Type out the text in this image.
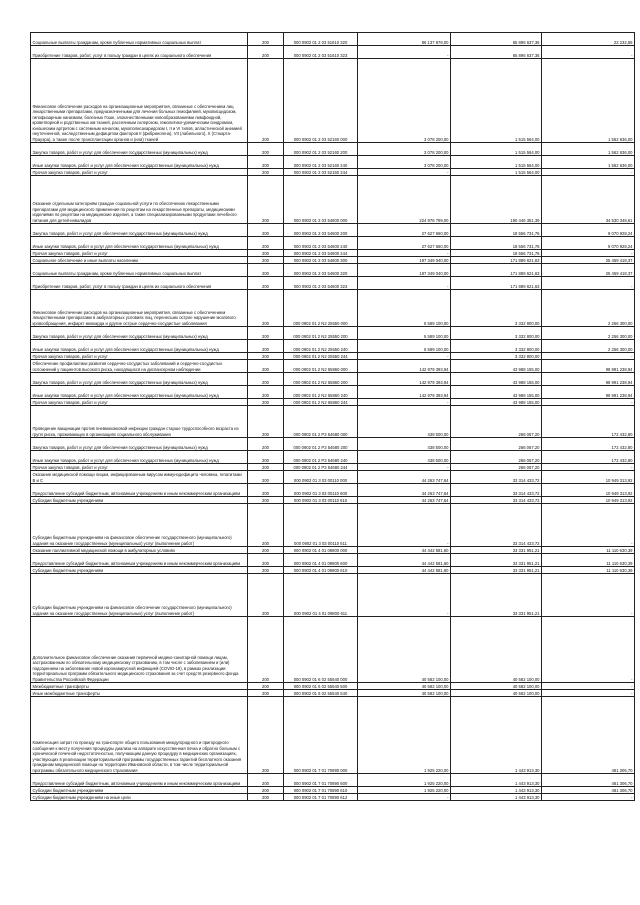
Социальные выплаты гражданам, кроме публичных нормативных социальных выплат	200	000 0902 01 2 03 51610 320	86 137 878,00	65 896 637,36	22 232,58
Приобретение товаров, работ, услуг в пользу граждан в целях их социального обеспечения	200	000 0902 01 2 03 51610 323	-	65 896 637,36	-
Финансовое обеспечение расходов на организационные мероприятия, связанные с обеспечением лиц лекарственными препаратами, предназначенными для лечения больных гемофилией, муковисцидозом, гипофизарным нанизмом, болезнью Гоше, злокачественными новообразованиями лимфоидной, кроветворной и родственных им тканей, рассеянным склерозом, гемолитико-уремическим синдромом, юношеским артритом с системным началом, мукополисахаридозом I, II и VI типов, апластической анемией неуточненной, наследственным дефицитом факторов II (фибриногена), VII (лабильного), X (Стюарта-Прауэра), а также после трансплантации органов и (или) тканей	200	000 0902 01 2 03 52160 000	3 078 200,00	1 515 564,00	1 562 636,00
Закупка товаров, работ и услуг для обеспечения государственных (муниципальных) нужд	200	000 0902 01 2 03 52160 200	3 078 200,00	1 515 564,00	1 562 636,00
Иные закупки товаров, работ и услуг для обеспечения государственных (муниципальных) нужд	200	000 0902 01 2 03 52160 240	3 078 200,00	1 515 564,00	1 562 636,00
Прочая закупка товаров, работ и услуг	200	000 0902 01 2 03 52160 244	-	1 515 564,00	-
Оказание отдельным категориям граждан социальной услуги по обеспечению лекарственными препаратами для медицинского применения по рецептам на лекарственные препараты, медицинскими изделиями по рецептам на медицинские изделия, а также специализированными продуктами лечебного питания для детей-инвалидов	200	000 0902 01 2 03 54600 000	224 976 799,00	190 446 351,39	34 530 348,61
Закупка товаров, работ и услуг для обеспечения государственных (муниципальных) нужд	200	000 0902 01 2 03 54600 200	27 627 660,00	18 556 731,76	9 070 928,24
Иные закупки товаров, работ и услуг для обеспечения государственных (муниципальных) нужд	200	000 0902 01 2 03 54600 240	27 627 660,00	18 556 731,76	9 070 928,24
Прочая закупка товаров, работ и услуг	200	000 0902 01 2 03 54600 244	-	18 556 731,76	-
Социальное обеспечение и иные выплаты населению	200	000 0902 01 2 03 54600 300	197 349 040,00	171 889 621,63	25 459 418,37
Социальные выплаты гражданам, кроме публичных нормативных социальных выплат	200	000 0902 01 2 03 54600 320	197 349 040,00	171 889 621,63	25 459 418,37
Приобретение товаров, работ, услуг в пользу граждан в целях их социального обеспечения	200	000 0902 01 2 03 54600 323	-	171 889 621,63	-
Финансовое обеспечение расходов на организационные мероприятия, связанные с обеспечением лекарственными препаратами в амбулаторных условиях лиц, перенесших острое нарушение мозгового кровообращения, инфаркт миокарда и другие острые сердечно-сосудистые заболевания	200	000 0902 01 2 N2 25550 000	5 589 100,00	3 332 800,00	2 256 300,00
Закупка товаров, работ и услуг для обеспечения государственных (муниципальных) нужд	200	000 0902 01 2 N2 25550 200	5 589 100,00	3 332 800,00	2 256 300,00
Иные закупки товаров, работ и услуг для обеспечения государственных (муниципальных) нужд	200	000 0902 01 2 N2 25550 240	5 589 100,00	3 332 800,00	2 256 300,00
Прочая закупка товаров, работ и услуг	200	000 0902 01 2 N2 25550 244	-	3 332 800,00	-
Обеспечение профилактики развития сердечно-сосудистых заболеваний и сердечно-сосудистых осложнений у пациентов высокого риска, находящихся на диспансерном наблюдении	200	000 0902 01 2 N2 55860 000	142 979 393,94	43 988 155,00	98 991 238,94
Закупка товаров, работ и услуг для обеспечения государственных (муниципальных) нужд	200	000 0902 01 2 N2 55860 200	142 979 393,94	43 988 155,00	98 991 238,94
Иные закупки товаров, работ и услуг для обеспечения государственных (муниципальных) нужд	200	000 0902 01 2 N2 55860 240	142 979 393,94	43 988 155,00	98 991 238,94
Прочая закупка товаров, работ и услуг	200	000 0902 01 2 N2 55860 244	-	43 988 155,00	-
Проведение вакцинации против пневмококковой инфекции граждан старше трудоспособного возраста из групп риска, проживающих в организациях социального обслуживания	200	000 0902 01 2 P3 54680 000	438 500,00	266 067,20	172 432,80
Закупка товаров, работ и услуг для обеспечения государственных (муниципальных) нужд	200	000 0902 01 2 P3 54680 200	438 500,00	266 067,20	172 432,80
Иные закупки товаров, работ и услуг для обеспечения государственных (муниципальных) нужд	200	000 0902 01 2 P3 54680 240	438 500,00	266 067,20	172 432,80
Прочая закупка товаров, работ и услуг	200	000 0902 01 2 P3 54680 244	-	266 067,20	-
Оказание медицинской помощи лицам, инфицированным вирусом иммунодефицита человека, гепатитами B и C	200	000 0902 01 3 03 00110 000	44 263 747,64	33 314 433,72	10 949 313,92
Предоставление субсидий бюджетным, автономным учреждениям и иным некоммерческим организациям	200	000 0902 01 3 03 00110 600	44 263 747,64	33 314 433,72	10 949 313,92
Субсидии бюджетным учреждениям	200	000 0902 01 3 03 00110 610	44 263 747,64	33 314 433,72	10 949 313,92
Субсидии бюджетным учреждениям на финансовое обеспечение государственного (муниципального) задания на оказание государственных (муниципальных) услуг (выполнение работ)	200	000 0902 01 3 03 00110 611	-	33 314 433,72	-
Оказание паллиативной медицинской помощи в амбулаторных условиях	200	000 0902 01 4 01 09800 000	44 442 581,60	33 331 951,21	11 110 630,39
Предоставление субсидий бюджетным, автономным учреждениям и иным некоммерческим организациям	200	000 0902 01 4 01 09800 600	44 442 581,60	33 331 951,21	11 110 630,39
Субсидии бюджетным учреждениям	200	000 0902 01 4 01 09800 610	44 442 581,60	33 331 951,21	11 110 630,39
Субсидии бюджетным учреждениям на финансовое обеспечение государственного (муниципального) задания на оказание государственных (муниципальных) услуг (выполнение работ)	200	000 0902 01 4 01 09800 611	-	33 331 951,21	-
Дополнительное финансовое обеспечение оказания первичной медико-санитарной помощи лицам, застрахованным по обязательному медицинскому страхованию, в том числе с заболеванием и (или) подозрением на заболевание новой коронавирусной инфекцией (COVID-19), в рамках реализации территориальных программ обязательного медицинского страхования за счет средств резервного фонда Правительства Российской Федерации	200	000 0902 01 6 02 55540 000	40 582 100,00	40 582 100,00	-
Межбюджетные трансферты	200	000 0902 01 6 02 55540 500	40 582 100,00	40 582 100,00	-
Иные межбюджетные трансферты	200	000 0902 01 6 02 55540 540	40 582 100,00	40 582 100,00	-
Компенсация затрат по проезду на транспорте общего пользования междугородного и пригородного сообщения к месту получения процедуры диализа на аппарате искусственная почка и обратно больным с хронической почечной недостаточностью, получающим данную процедуру в медицинских организациях, участвующих в реализации территориальной программы государственных гарантий бесплатного оказания гражданам медицинской помощи на территории Ивановской области, в том числе территориальной программы обязательного медицинского страхования	200	000 0902 01 7 01 70890 000	1 925 220,00	1 443 913,30	481 306,70
Предоставление субсидий бюджетным, автономным учреждениям и иным некоммерческим организациям	200	000 0902 01 7 01 70890 600	1 925 220,00	1 443 913,30	481 306,70
Субсидии бюджетным учреждениям	200	000 0902 01 7 01 70890 610	1 925 220,00	1 443 913,30	481 306,70
Субсидии бюджетным учреждениям на иные цели	200	000 0902 01 7 01 70890 612	-	1 443 913,30	-
